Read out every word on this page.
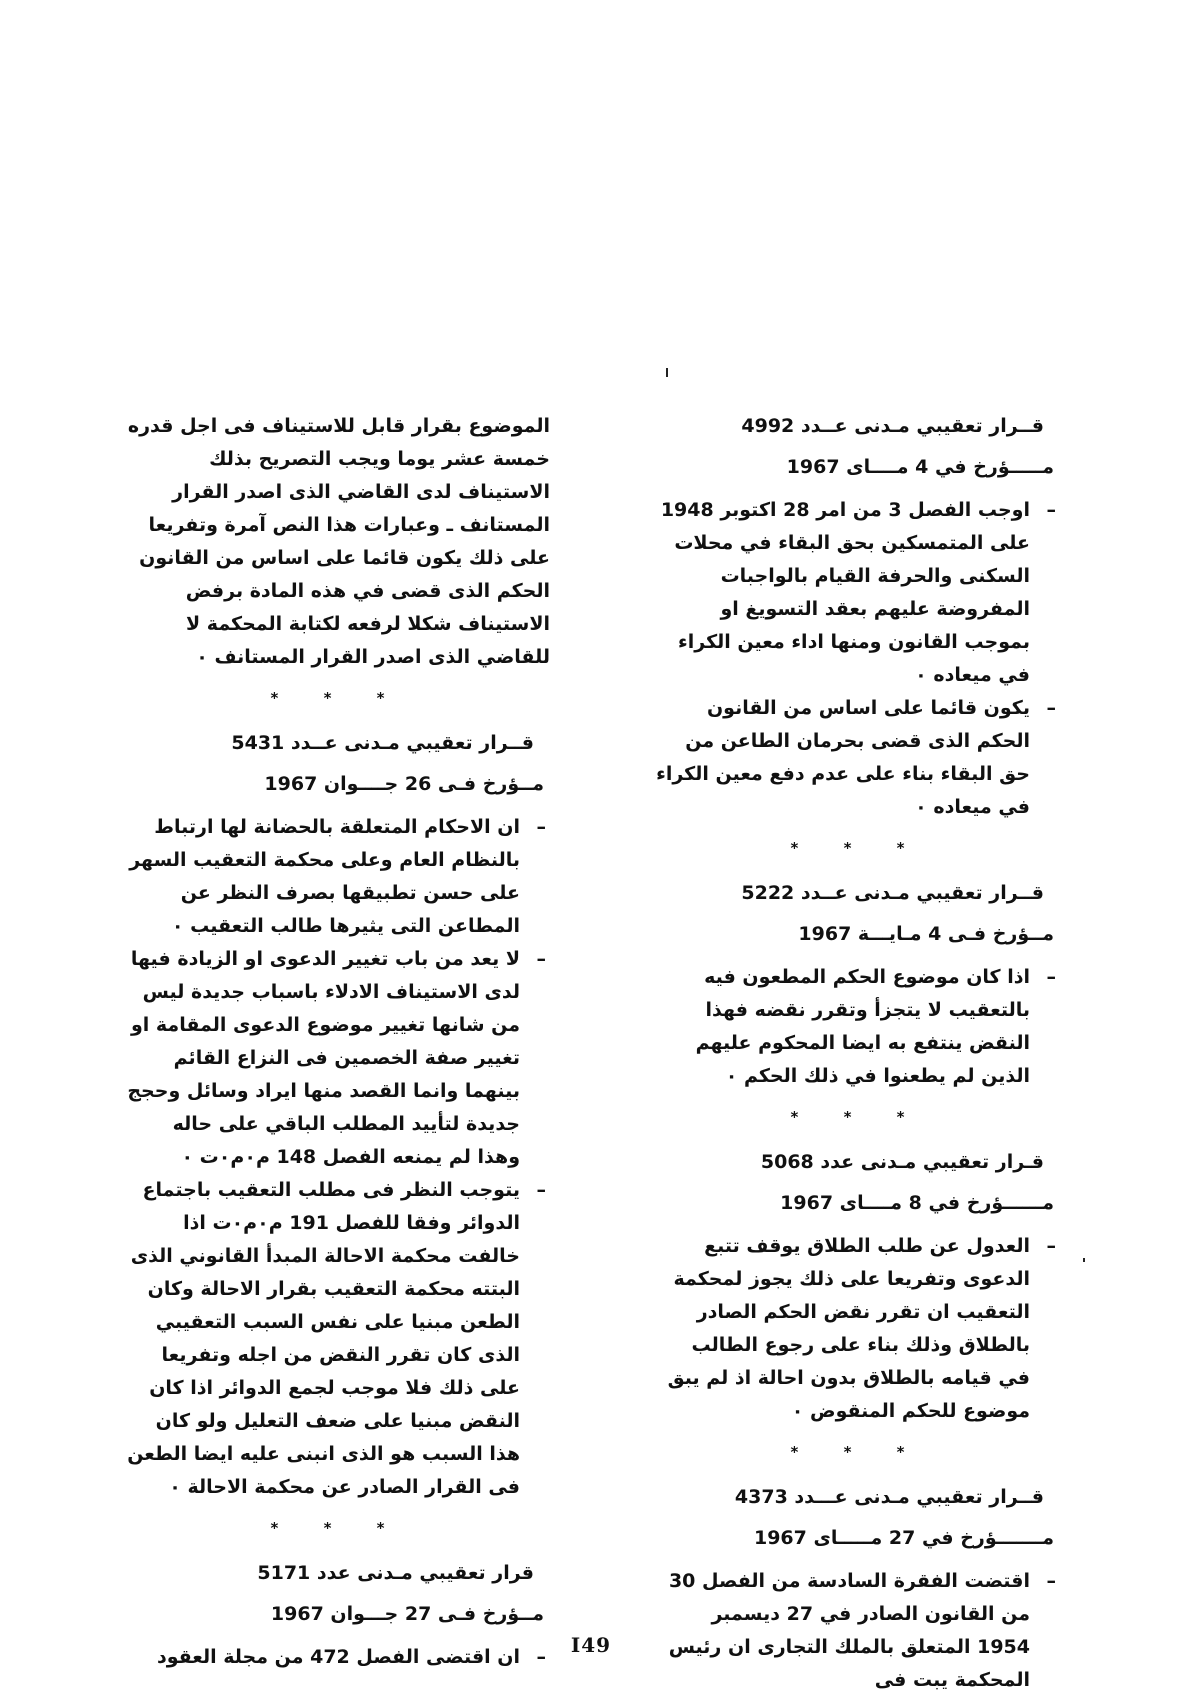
قــرار تعقيبي مـدنى عــدد 4992

مـــــؤرخ في 4 مــــاى 1967

– اوجب الفصل 3 من امر 28 اكتوبر 1948 على المتمسكين بحق البقاء في محلات السكنى والحرفة القيام بالواجبات المفروضة عليهم بعقد التسويغ او بموجب القانون ومنها اداء معين الكراء في ميعاده ٠

– يكون قائما على اساس من القانون الحكم الذى قضى بحرمان الطاعن من حق البقاء بناء على عدم دفع معين الكراء في ميعاده ٠

* * *

قــرار تعقيبي مـدنى عــدد 5222

مــؤرخ فـى 4 مـايـــة 1967

– اذا كان موضوع الحكم المطعون فيه بالتعقيب لا يتجزأ وتقرر نقضه فهذا النقض ينتفع به ايضا المحكوم عليهم الذين لم يطعنوا في ذلك الحكم ٠

* * *

قـرار تعقيبي مـدنى عدد 5068

مــــــؤرخ في 8 مــــاى 1967

– العدول عن طلب الطلاق يوقف تتبع الدعوى وتفريعا على ذلك يجوز لمحكمة التعقيب ان تقرر نقض الحكم الصادر بالطلاق وذلك بناء على رجوع الطالب في قيامه بالطلاق بدون احالة اذ لم يبق موضوع للحكم المنقوض ٠

* * *

قــرار تعقيبي مـدنى عـــدد 4373

مـــــــؤرخ في 27 مـــــاى 1967

– اقتضت الفقرة السادسة من الفصل 30 من القانون الصادر في 27 ديسمبر 1954 المتعلق بالملك التجارى ان رئيس المحكمة يبت فى

الموضوع بقرار قابل للاستيناف فى اجل قدره خمسة عشر يوما ويجب التصريح بذلك الاستيناف لدى القاضي الذى اصدر القرار المستانف ـ وعبارات هذا النص آمرة وتفريعا على ذلك يكون قائما على اساس من القانون الحكم الذى قضى في هذه المادة برفض الاستيناف شكلا لرفعه لكتابة المحكمة لا للقاضي الذى اصدر القرار المستانف ٠

* * *

قــرار تعقيبي مـدنى عــدد 5431

مــؤرخ فـى 26 جــــوان 1967

– ان الاحكام المتعلقة بالحضانة لها ارتباط بالنظام العام وعلى محكمة التعقيب السهر على حسن تطبيقها بصرف النظر عن المطاعن التى يثيرها طالب التعقيب ٠

– لا يعد من باب تغيير الدعوى او الزيادة فيها لدى الاستيناف الادلاء باسباب جديدة ليس من شانها تغيير موضوع الدعوى المقامة او تغيير صفة الخصمين فى النزاع القائم بينهما وانما القصد منها ايراد وسائل وحجج جديدة لتأييد المطلب الباقي على حاله وهذا لم يمنعه الفصل 148 م٠م٠ت ٠

– يتوجب النظر فى مطلب التعقيب باجتماع الدوائر وفقا للفصل 191 م٠م٠ت اذا خالفت محكمة الاحالة المبدأ القانوني الذى البتته محكمة التعقيب بقرار الاحالة وكان الطعن مبنيا على نفس السبب التعقيبي الذى كان تقرر النقض من اجله وتفريعا على ذلك فلا موجب لجمع الدوائر اذا كان النقض مبنيا على ضعف التعليل ولو كان هذا السبب هو الذى انبنى عليه ايضا الطعن فى القرار الصادر عن محكمة الاحالة ٠

* * *

قرار تعقيبي مـدنى عدد 5171

مــؤرخ فـى 27 جـــوان 1967

– ان اقتضى الفصل 472 من مجلة العقود	I49
